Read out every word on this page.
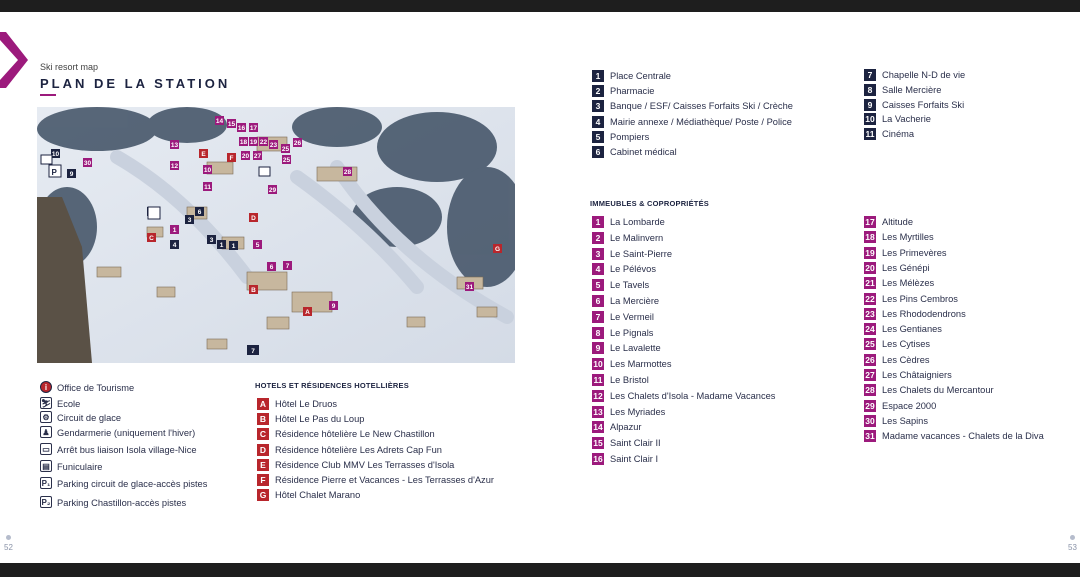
Ski resort map
PLAN DE LA STATION
14 15
16 17
18 19 22 23
25
26
20 27
25
13
12
11
28
29
10
30
1
5
6 7
9
31
10
9
3
4
3
1 1
7
6
E
F
D
C
B
A
G
P
i	Office de Tourisme
⛷ Ecole
⚙ Circuit de glace
♟ Gendarmerie (uniquement l'hiver)
▭ Arrêt bus liaison Isola village-Nice
▤ Funiculaire
P₁ Parking circuit de glace-accès pistes
P₂ Parking Chastillon-accès pistes
HOTELS ET RÉSIDENCES HOTELLIÈRES
A Hôtel Le Druos
B Hôtel Le Pas du Loup
C Résidence hôtelière Le New Chastillon
D Résidence hôtelière Les Adrets Cap Fun
E Résidence Club MMV Les Terrasses d'Isola
F	Résidence Pierre et Vacances - Les Terrasses d'Azur
G Hôtel Chalet Marano
1	Place Centrale
2	Pharmacie
3	Banque / ESF/ Caisses Forfaits Ski / Crèche
4	Mairie annexe / Médiathèque/ Poste / Police
5	Pompiers
6	Cabinet médical
7	Chapelle N-D de vie
8	Salle Mercière
9	Caisses Forfaits Ski
10 La Vacherie
11 Cinéma
IMMEUBLES & COPROPRIÉTÉS
1	La Lombarde
2	Le Malinvern
3	Le Saint-Pierre
4	Le Pélévos
5	Le Tavels
6	La Mercière
7	Le Vermeil
8	Le Pignals
9	Le Lavalette
10 Les Marmottes
11 Le Bristol
12 Les Chalets d'Isola - Madame Vacances
13 Les Myriades
14 Alpazur
15 Saint Clair II
16 Saint Clair I
17 Altitude
18 Les Myrtilles
19 Les Primevères
20 Les Génépi
21 Les Mélèzes
22 Les Pins Cembros
23 Les Rhododendrons
24 Les Gentianes
25 Les Cytises
26 Les Cèdres
27 Les Châtaigniers
28 Les Chalets du Mercantour
29 Espace 2000
30 Les Sapins
31 Madame vacances - Chalets de la Diva
52	53
